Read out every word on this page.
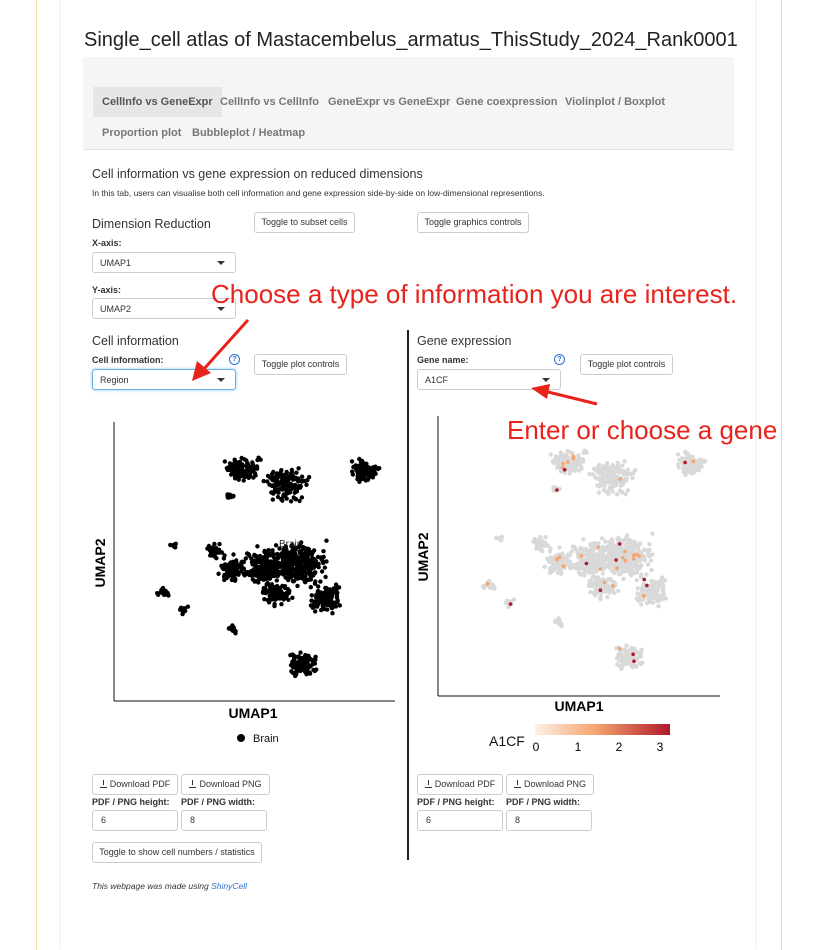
Single_cell atlas of Mastacembelus_armatus_ThisStudy_2024_Rank0001
CellInfo vs GeneExpr CellInfo vs CellInfo GeneExpr vs GeneExpr Gene coexpression Violinplot / Boxplot
Proportion plot Bubbleplot / Heatmap
Cell information vs gene expression on reduced dimensions
In this tab, users can visualise both cell information and gene expression side-by-side on low-dimensional representions.
Dimension Reduction	Toggle to subset cells	Toggle graphics controls
X-axis:
UMAP1
Y-axis:
UMAP2	Choose a type of information you are interest.
Cell information
Cell information:	?
Region
Toggle plot controls
Gene expression
Gene name:	?
A1CF
Toggle plot controls
Enter or choose a gene
Brain
UMAP1
UMAP2
Brain
UMAP1
UMAP2
A1CF 0	1	2	3
Download PDF	Download PNG
PDF / PNG height: PDF / PNG width:
6	8
Toggle to show cell numbers / statistics
Download PDF	Download PNG
PDF / PNG height: PDF / PNG width:
6	8
This webpage was made using ShinyCell
